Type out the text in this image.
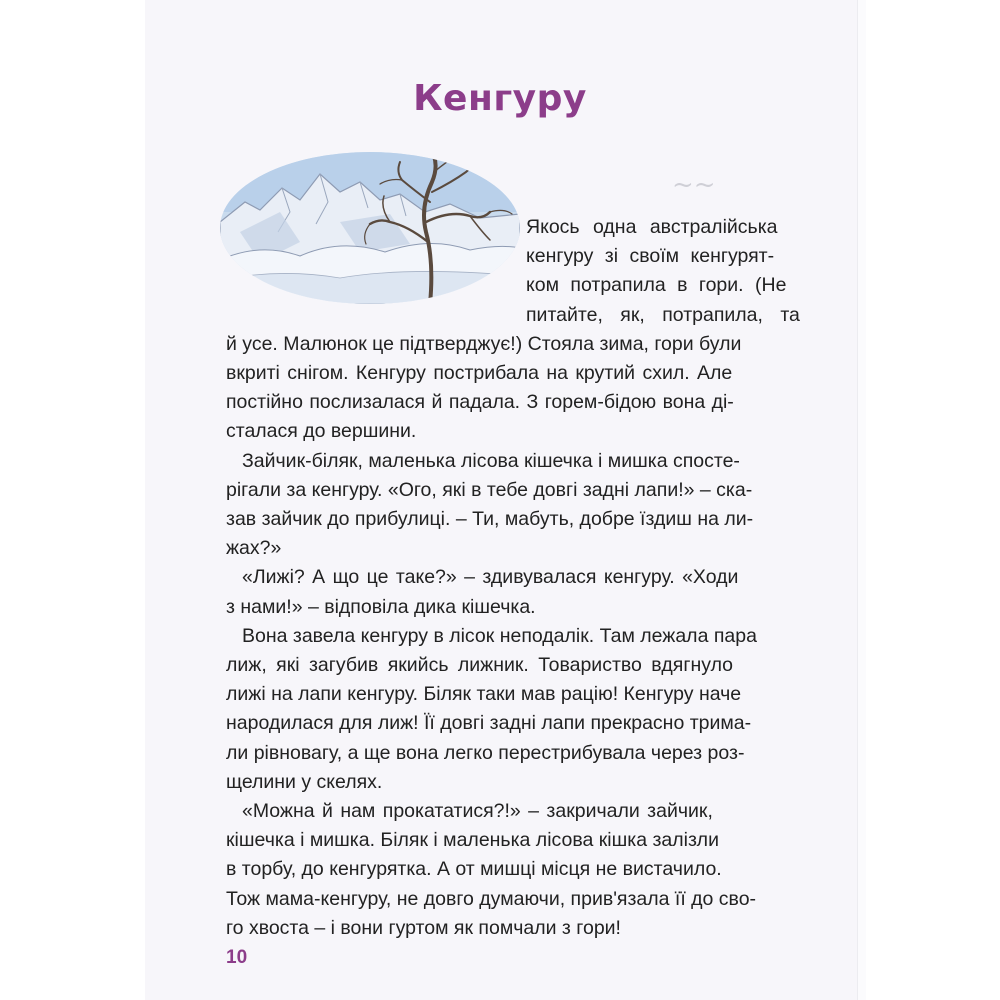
Кенгуру
~~
Якось одна австралійська
кенгуру зі своїм кенгурят-
ком потрапила в гори. (Не
питайте, як, потрапила, та
й усе. Малюнок це підтверджує!) Стояла зима, гори були
вкриті снігом. Кенгуру пострибала на крутий схил. Але
постійно послизалася й падала. З горем-бідою вона ді-
сталася до вершини.
Зайчик-біляк, маленька лісова кішечка і мишка спосте-
рігали за кенгуру. «Ого, які в тебе довгі задні лапи!» – ска-
зав зайчик до прибулиці. – Ти, мабуть, добре їздиш на ли-
жах?»
«Лижі? А що це таке?» – здивувалася кенгуру. «Ходи
з нами!» – відповіла дика кішечка.
Вона завела кенгуру в лісок неподалік. Там лежала пара
лиж, які загубив якийсь лижник. Товариство вдягнуло
лижі на лапи кенгуру. Біляк таки мав рацію! Кенгуру наче
народилася для лиж! Її довгі задні лапи прекрасно трима-
ли рівновагу, а ще вона легко перестрибувала через роз-
щелини у скелях.
«Можна й нам прокататися?!» – закричали зайчик,
кішечка і мишка. Біляк і маленька лісова кішка залізли
в торбу, до кенгурятка. А от мишці місця не вистачило.
Тож мама-кенгуру, не довго думаючи, прив'язала її до сво-
го хвоста – і вони гуртом як помчали з гори!
10
